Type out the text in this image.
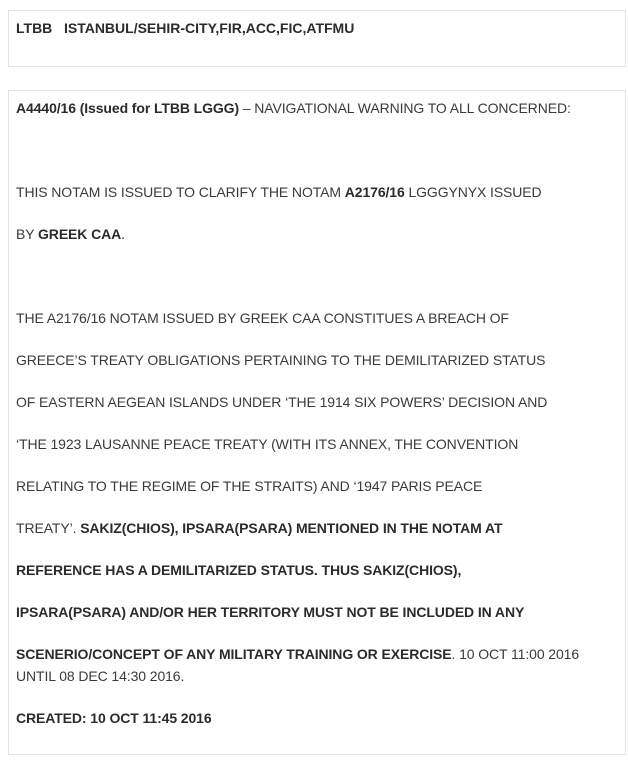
LTBB ISTANBUL/SEHIR-CITY,FIR,ACC,FIC,ATFMU
A4440/16 (Issued for LTBB LGGG) – NAVIGATIONAL WARNING TO ALL CONCERNED:
THIS NOTAM IS ISSUED TO CLARIFY THE NOTAM A2176/16 LGGGYNYX ISSUED
BY GREEK CAA.
THE A2176/16 NOTAM ISSUED BY GREEK CAA CONSTITUES A BREACH OF
GREECE’S TREATY OBLIGATIONS PERTAINING TO THE DEMILITARIZED STATUS
OF EASTERN AEGEAN ISLANDS UNDER ‘THE 1914 SIX POWERS’ DECISION AND
‘THE 1923 LAUSANNE PEACE TREATY (WITH ITS ANNEX, THE CONVENTION
RELATING TO THE REGIME OF THE STRAITS) AND ‘1947 PARIS PEACE
TREATY’. SAKIZ(CHIOS), IPSARA(PSARA) MENTIONED IN THE NOTAM AT
REFERENCE HAS A DEMILITARIZED STATUS. THUS SAKIZ(CHIOS),
IPSARA(PSARA) AND/OR HER TERRITORY MUST NOT BE INCLUDED IN ANY
SCENERIO/CONCEPT OF ANY MILITARY TRAINING OR EXERCISE. 10 OCT 11:00 2016
UNTIL 08 DEC 14:30 2016.
CREATED: 10 OCT 11:45 2016
